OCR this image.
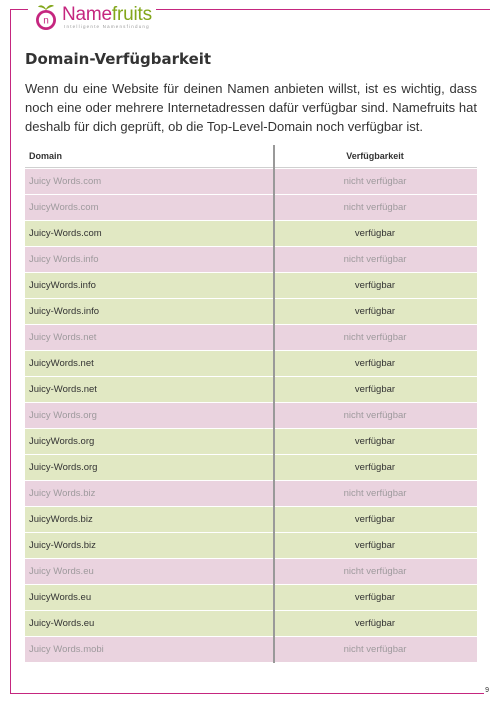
n Namefruits
Intelligente Namensfindung
Domain-Verfügbarkeit

Wenn du eine Website für deinen Namen anbieten willst, ist es wichtig, dass noch eine oder mehrere Internetadressen dafür verfügbar sind. Namefruits hat deshalb für dich geprüft, ob die Top-Level-Domain noch verfügbar ist.

Domain	Verfügbarkeit
Juicy Words.com	nicht verfügbar
JuicyWords.com	nicht verfügbar
Juicy-Words.com	verfügbar
Juicy Words.info	nicht verfügbar
JuicyWords.info	verfügbar
Juicy-Words.info	verfügbar
Juicy Words.net	nicht verfügbar
JuicyWords.net	verfügbar
Juicy-Words.net	verfügbar
Juicy Words.org	nicht verfügbar
JuicyWords.org	verfügbar
Juicy-Words.org	verfügbar
Juicy Words.biz	nicht verfügbar
JuicyWords.biz	verfügbar
Juicy-Words.biz	verfügbar
Juicy Words.eu	nicht verfügbar
JuicyWords.eu	verfügbar
Juicy-Words.eu	verfügbar
Juicy Words.mobi	nicht verfügbar
9
